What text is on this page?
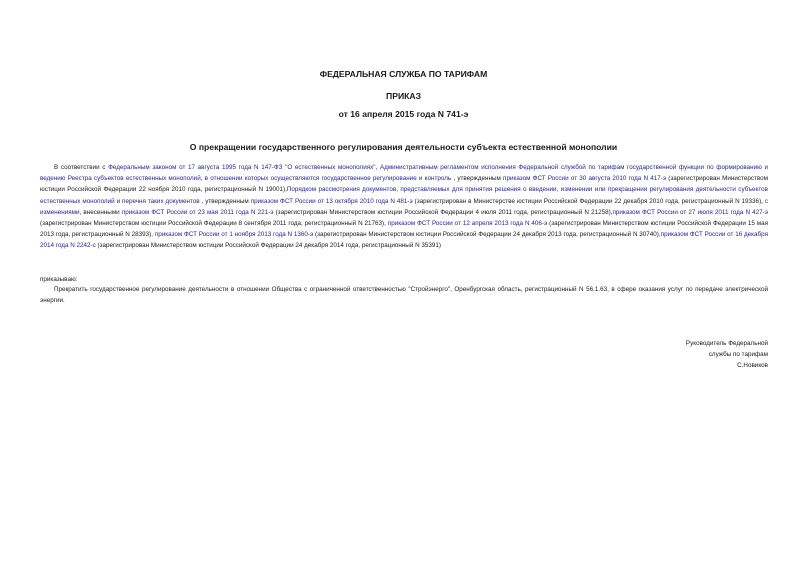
ФЕДЕРАЛЬНАЯ СЛУЖБА ПО ТАРИФАМ
ПРИКАЗ
от 16 апреля 2015 года N 741-э
О прекращении государственного регулирования деятельности субъекта естественной монополии
В соответствии с Федеральным законом от 17 августа 1995 года N 147-ФЗ "О естественных монополиях", Административным регламентом исполнения Федеральной службой по тарифам государственной функции по формированию и ведению Реестра субъектов естественных монополий, в отношении которых осуществляются государственное регулирование и контроль , утвержденным приказом ФСТ России от 30 августа 2010 года N 417-э (зарегистрирован Министерством юстиции Российской Федерации 22 ноября 2010 года, регистрационный N 19001),Порядком рассмотрения документов, представляемых для принятия решения о введении, изменении или прекращении регулирования деятельности субъектов естественных монополий и перечня таких документов , утвержденным приказом ФСТ России от 13 октября 2010 года N 481-э (зарегистрирован в Министерстве юстиции Российской Федерации 22 декабря 2010 года, регистрационный N 19336), с изменениями, внесенными приказом ФСТ России от 23 мая 2011 года N 221-э (зарегистрирован Министерством юстиции Российской Федерации 4 июля 2011 года, регистрационный N 21258),приказом ФСТ России от 27 июля 2011 года N 427-э (зарегистрирован Министерством юстиции Российской Федерации 8 сентября 2011 года, регистрационный N 21763), приказом ФСТ России от 12 апреля 2013 года N 406-э (зарегистрирован Министерством юстиции Российской Федерации 15 мая 2013 года, регистрационный N 28393), приказом ФСТ России от 1 ноября 2013 года N 1360-э (зарегистрирован Министерством юстиции Российской Федерации 24 декабря 2013 года, регистрационный N 30740),приказом ФСТ России от 16 декабря 2014 года N 2242-с (зарегистрирован Министерством юстиции Российской Федерации 24 декабря 2014 года, регистрационный N 35391)
приказываю:
Прекратить государственное регулирование деятельности в отношении Общества с ограниченной ответственностью "Стройэнерго", Оренбургская область, регистрационный N 56.1.63, в сфере оказания услуг по передаче электрической энергии.
Руководитель Федеральной
службы по тарифам
С.Новиков
